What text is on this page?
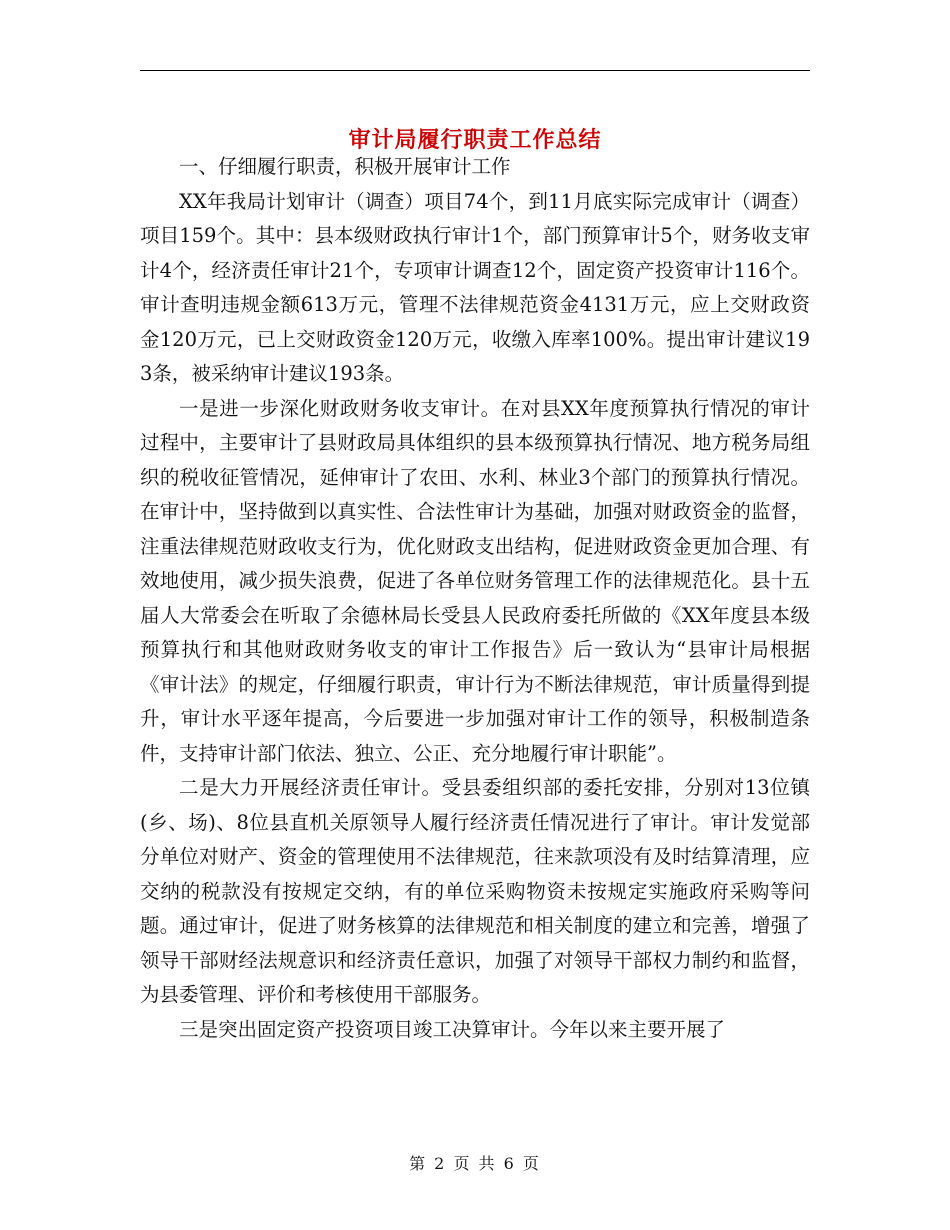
审计局履行职责工作总结

一、仔细履行职责，积极开展审计工作

XX年我局计划审计（调查）项目74个，到11月底实际完成审计（调查）项目159个。其中：县本级财政执行审计1个，部门预算审计5个，财务收支审计4个，经济责任审计21个，专项审计调查12个，固定资产投资审计116个。审计查明违规金额613万元，管理不法律规范资金4131万元，应上交财政资金120万元，已上交财政资金120万元，收缴入库率100%。提出审计建议193条，被采纳审计建议193条。

一是进一步深化财政财务收支审计。在对县XX年度预算执行情况的审计过程中，主要审计了县财政局具体组织的县本级预算执行情况、地方税务局组织的税收征管情况，延伸审计了农田、水利、林业3个部门的预算执行情况。在审计中，坚持做到以真实性、合法性审计为基础，加强对财政资金的监督，注重法律规范财政收支行为，优化财政支出结构，促进财政资金更加合理、有效地使用，减少损失浪费，促进了各单位财务管理工作的法律规范化。县十五届人大常委会在听取了余德林局长受县人民政府委托所做的《XX年度县本级预算执行和其他财政财务收支的审计工作报告》后一致认为“县审计局根据《审计法》的规定，仔细履行职责，审计行为不断法律规范，审计质量得到提升，审计水平逐年提高，今后要进一步加强对审计工作的领导，积极制造条件，支持审计部门依法、独立、公正、充分地履行审计职能”。

二是大力开展经济责任审计。受县委组织部的委托安排，分别对13位镇(乡、场)、8位县直机关原领导人履行经济责任情况进行了审计。审计发觉部分单位对财产、资金的管理使用不法律规范，往来款项没有及时结算清理，应交纳的税款没有按规定交纳，有的单位采购物资未按规定实施政府采购等问题。通过审计，促进了财务核算的法律规范和相关制度的建立和完善，增强了领导干部财经法规意识和经济责任意识，加强了对领导干部权力制约和监督，为县委管理、评价和考核使用干部服务。

三是突出固定资产投资项目竣工决算审计。今年以来主要开展了

第 2 页 共 6 页
